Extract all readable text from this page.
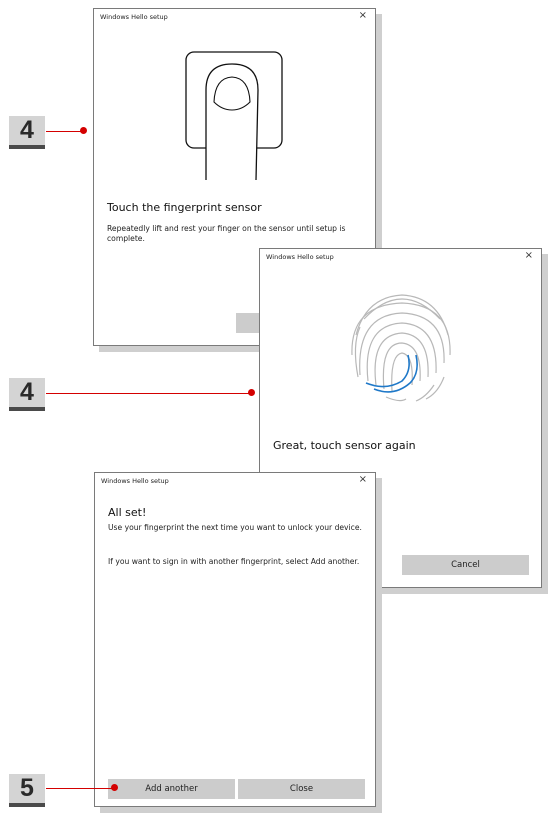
Windows Hello setup	×
Touch the fingerprint sensor
Repeatedly lift and rest your finger on the sensor until setup is complete.
Windows Hello setup	×
Great, touch sensor again
Cancel
Windows Hello setup	×
All set!
Use your fingerprint the next time you want to unlock your device.
If you want to sign in with another fingerprint, select Add another.
Add another	Close
4
4
5
